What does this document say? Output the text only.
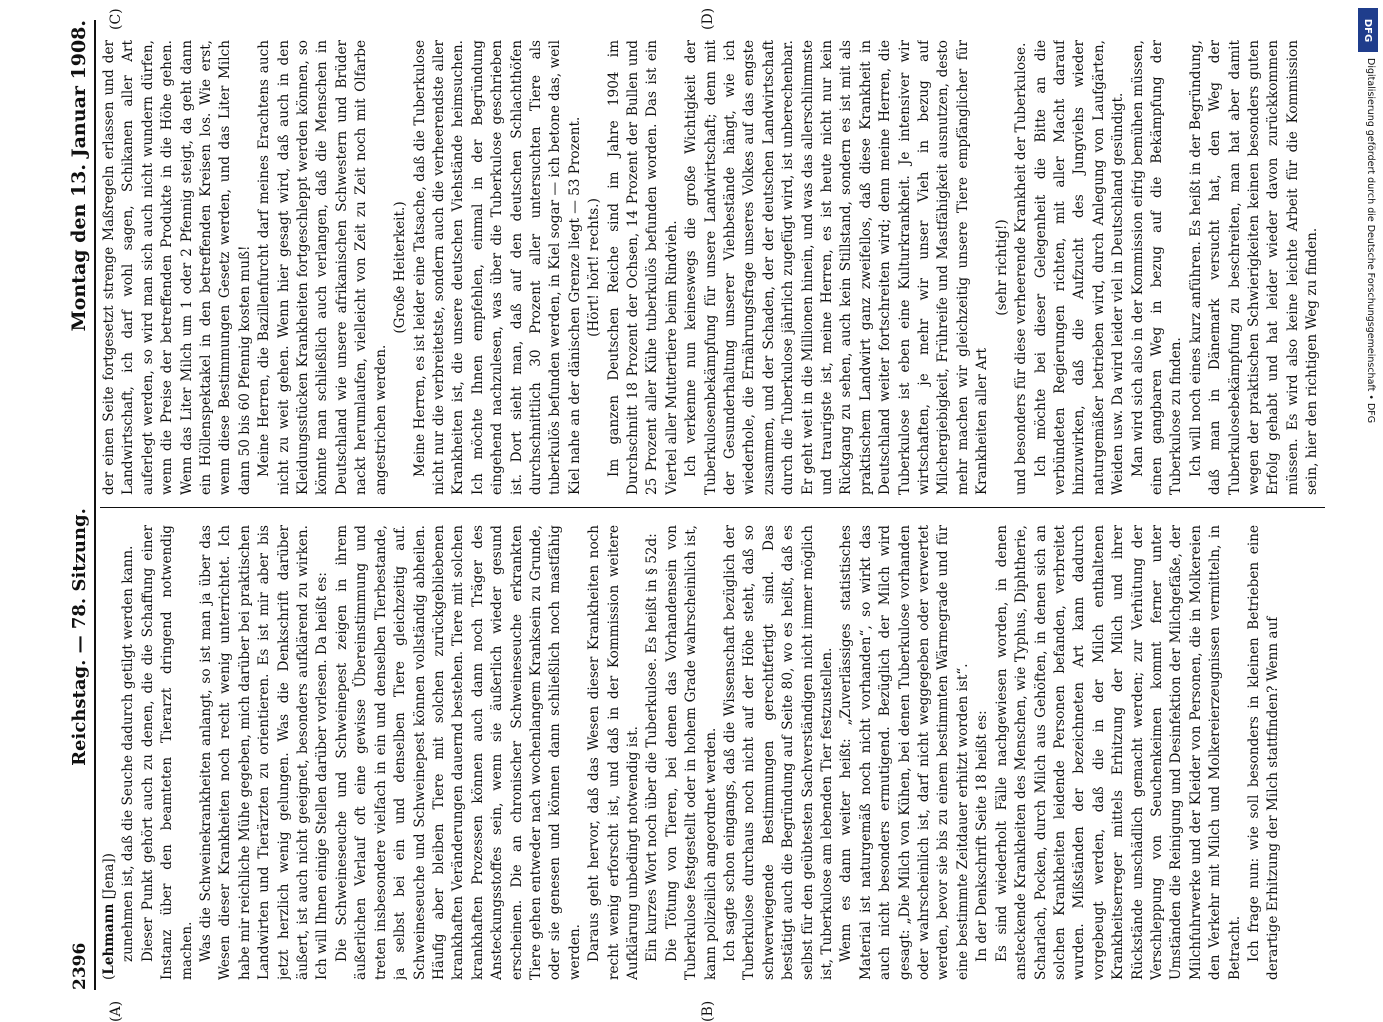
2396
Reichstag. — 78. Sitzung.
Montag den 13. Januar 1908.
(A)	(B)
(C)	(D)

(Lehmann [Jena]) zunehmen ist, daß die Seuche dadurch getilgt werden kann. Dieser Punkt gehört auch zu denen, die die Schaffung einer Instanz über den beamteten Tierarzt dringend notwendig machen. Was die Schweinekrankheiten anlangt, so ist man ja über das Wesen dieser Krankheiten noch recht wenig unterrichtet. Ich habe mir reichliche Mühe gegeben, mich darüber bei praktischen Landwirten und Tierärzten zu orientieren. Es ist mir aber bis jetzt herzlich wenig gelungen. Was die Denkschrift darüber äußert, ist auch nicht geeignet, besonders aufklärend zu wirken. Ich will Ihnen einige Stellen darüber vorlesen. Da heißt es: Die Schweineseuche und Schweinepest zeigen in ihrem äußerlichen Verlauf oft eine gewisse Übereinstimmung und treten insbesondere vielfach in ein und denselben Tierbestande, ja selbst bei ein und denselben Tiere gleichzeitig auf. Schweineseuche und Schweinepest können vollständig abheilen. Häufig aber bleiben Tiere mit solchen zurückgebliebenen krankhaften Veränderungen dauernd bestehen. Tiere mit solchen krankhaften Prozessen können auch dann noch Träger des Ansteckungsstoffes sein, wenn sie äußerlich wieder gesund erscheinen. Die an chronischer Schweineseuche erkrankten Tiere gehen entweder nach wochenlangem Kranksein zu Grunde, oder sie genesen und können dann schließlich noch mastfähig werden. Daraus geht hervor, daß das Wesen dieser Krankheiten noch recht wenig erforscht ist, und daß in der Kommission weitere Aufklärung unbedingt notwendig ist. Ein kurzes Wort noch über die Tuberkulose. Es heißt in § 52d: Die Tötung von Tieren, bei denen das Vorhandensein von Tuberkulose festgestellt oder in hohem Grade wahrscheinlich ist, kann polizeilich angeordnet werden. Ich sagte schon eingangs, daß die Wissenschaft bezüglich der Tuberkulose durchaus noch nicht auf der Höhe steht, daß so schwerwiegende Bestimmungen gerechtfertigt sind. Das bestätigt auch die Begründung auf Seite 80, wo es heißt, daß es selbst für den geübtesten Sachverständigen nicht immer möglich ist, Tuberkulose am lebenden Tier festzustellen. Wenn es dann weiter heißt: „Zuverlässiges statistisches Material ist naturgemäß noch nicht vorhanden“, so wirkt das auch nicht besonders ermutigend. Bezüglich der Milch wird gesagt: „Die Milch von Kühen, bei denen Tuberkulose vorhanden oder wahrscheinlich ist, darf nicht weggegeben oder verwertet werden, bevor sie bis zu einem bestimmten Wärmegrade und für eine bestimmte Zeitdauer erhitzt worden ist“. In der Denkschrift Seite 18 heißt es: Es sind wiederholt Fälle nachgewiesen worden, in denen ansteckende Krankheiten des Menschen, wie Typhus, Diphtherie, Scharlach, Pocken, durch Milch aus Gehöften, in denen sich an solchen Krankheiten leidende Personen befanden, verbreitet wurden. Mißständen der bezeichneten Art kann dadurch vorgebeugt werden, daß die in der Milch enthaltenen Krankheitserreger mittels Erhitzung der Milch und ihrer Rückstände unschädlich gemacht werden; zur Verhütung der Verschleppung von Seuchenkeimen kommt ferner unter Umständen die Reinigung und Desinfektion der Milchgefäße, der Milchfuhrwerke und der Kleider von Personen, die in Molkereien den Verkehr mit Milch und Molkereierzeugnissen vermitteln, in Betracht. Ich frage nun: wie soll besonders in kleinen Betrieben eine derartige Erhitzung der Milch stattfinden? Wenn auf

der einen Seite fortgesetzt strenge Maßregeln erlassen und der Landwirtschaft, ich darf wohl sagen, Schikanen aller Art auferlegt werden, so wird man sich auch nicht wundern dürfen, wenn die Preise der betreffenden Produkte in die Höhe gehen. Wenn das Liter Milch um 1 oder 2 Pfennig steigt, da geht dann ein Höllenspektakel in den betreffenden Kreisen los. Wie erst, wenn diese Bestimmungen Gesetz werden, und das Liter Milch dann 50 bis 60 Pfennig kosten muß! Meine Herren, die Bazillenfurcht darf meines Erachtens auch nicht zu weit gehen. Wenn hier gesagt wird, daß auch in den Kleidungsstücken Krankheiten fortgeschleppt werden können, so könnte man schließlich auch verlangen, daß die Menschen in Deutschland wie unsere afrikanischen Schwestern und Brüder nackt herumlaufen, vielleicht von Zeit zu Zeit noch mit Olfarbe angestrichen werden.

(Große Heiterkeit.) Meine Herren, es ist leider eine Tatsache, daß die Tuberkulose nicht nur die verbreitetste, sondern auch die verheerendste aller Krankheiten ist, die unsere deutschen Viehstände heimsuchen. Ich möchte Ihnen empfehlen, einmal in der Begründung eingehend nachzulesen, was über die Tuberkulose geschrieben ist. Dort sieht man, daß auf den deutschen Schlachthöfen durchschnittlich 30 Prozent aller untersuchten Tiere als tuberkulös befunden werden, in Kiel sogar — ich betone das, weil Kiel nahe an der dänischen Grenze liegt — 53 Prozent. (Hört! hört! rechts.) Im ganzen Deutschen Reiche sind im Jahre 1904 im Durchschnitt 18 Prozent der Ochsen, 14 Prozent der Bullen und 25 Prozent aller Kühe tuberkulös befunden worden. Das ist ein Viertel aller Muttertiere beim Rindvieh. Ich verkenne nun keineswegs die große Wichtigkeit der Tuberkulosenbekämpfung für unsere Landwirtschaft; denn mit der Gesunderhaltung unserer Viehbestände hängt, wie ich wiederhole, die Ernährungsfrage unseres Volkes auf das engste zusammen, und der Schaden, der der deutschen Landwirtschaft durch die Tuberkulose jährlich zugefügt wird, ist unberechenbar. Er geht weit in die Millionen hinein, und was das allerschlimmste und traurigste ist, meine Herren, es ist heute nicht nur kein Rückgang zu sehen, auch kein Stillstand, sondern es ist mit als praktischem Landwirt ganz zweifellos, daß diese Krankheit in Deutschland weiter fortschreiten wird; denn meine Herren, die Tuberkulose ist eben eine Kulturkrankheit. Je intensiver wir wirtschaften, je mehr wir unser Vieh in bezug auf Milchergiebigkeit, Frühreife und Mastfähigkeit ausnutzen, desto mehr machen wir gleichzeitig unsere Tiere empfänglicher für Krankheiten aller Art

(sehr richtig!) und besonders für diese verheerende Krankheit der Tuberkulose. Ich möchte bei dieser Gelegenheit die Bitte an die verbündeten Regierungen richten, mit aller Macht darauf hinzuwirken, daß die Aufzucht des Jungviehs wieder naturgemäßer betrieben wird, durch Anlegung von Laufgärten, Weiden usw. Da wird leider viel in Deutschland gesündigt. Man wird sich also in der Kommission eifrig bemühen müssen, einen gangbaren Weg in bezug auf die Bekämpfung der Tuberkulose zu finden. Ich will noch eines kurz anführen. Es heißt in der Begründung, daß man in Dänemark versucht hat, den Weg der Tuberkulosebekämpfung zu beschreiten, man hat aber damit wegen der praktischen Schwierigkeiten keinen besonders guten Erfolg gehabt und hat leider wieder davon zurückkommen müssen. Es wird also keine leichte Arbeit für die Kommission sein, hier den richtigen Weg zu finden.

DFG
Digitalisierung gefördert durch die Deutsche Forschungsgemeinschaft • DFG
